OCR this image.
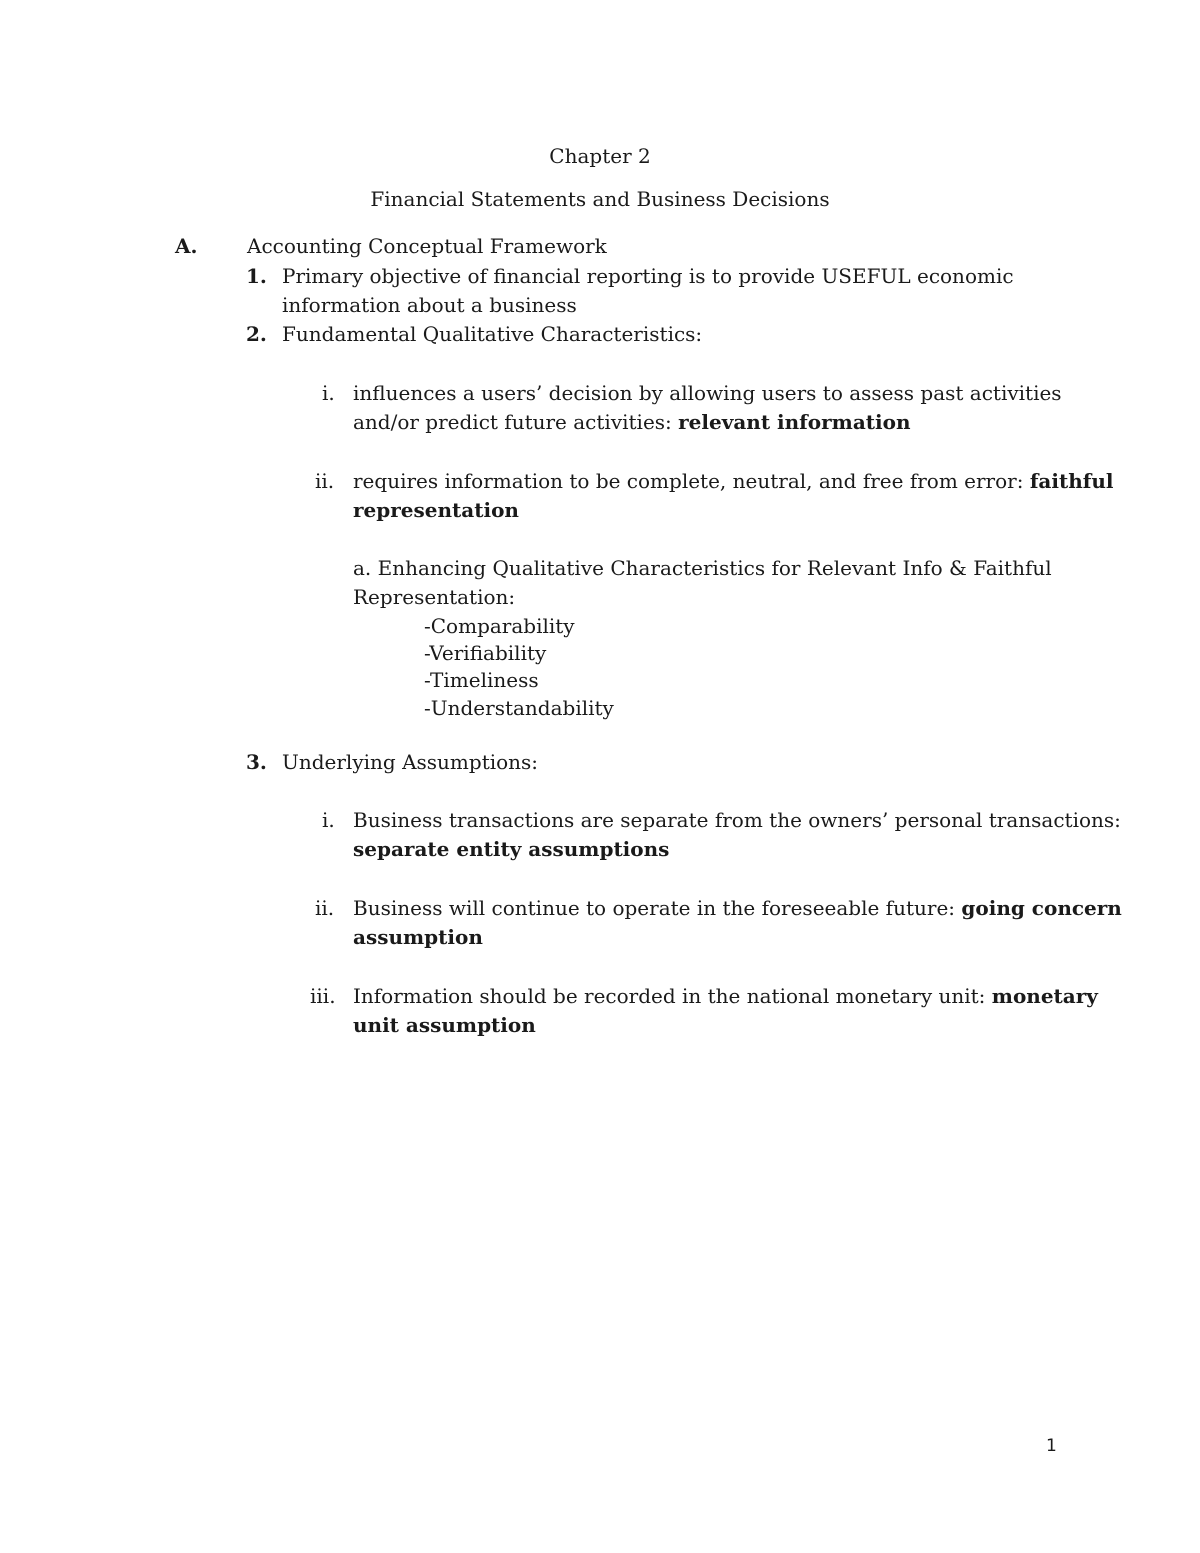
Chapter 2
Financial Statements and Business Decisions
A. Accounting Conceptual Framework
1. Primary objective of financial reporting is to provide USEFUL economic
information about a business
2. Fundamental Qualitative Characteristics:
i. influences a users’ decision by allowing users to assess past activities
and/or predict future activities: relevant information
ii. requires information to be complete, neutral, and free from error: faithful
representation
a. Enhancing Qualitative Characteristics for Relevant Info & Faithful
Representation:
-Comparability
-Verifiability
-Timeliness
-Understandability
3. Underlying Assumptions:
i. Business transactions are separate from the owners’ personal transactions:
separate entity assumptions
ii. Business will continue to operate in the foreseeable future: going concern
assumption
iii. Information should be recorded in the national monetary unit: monetary
unit assumption
1
